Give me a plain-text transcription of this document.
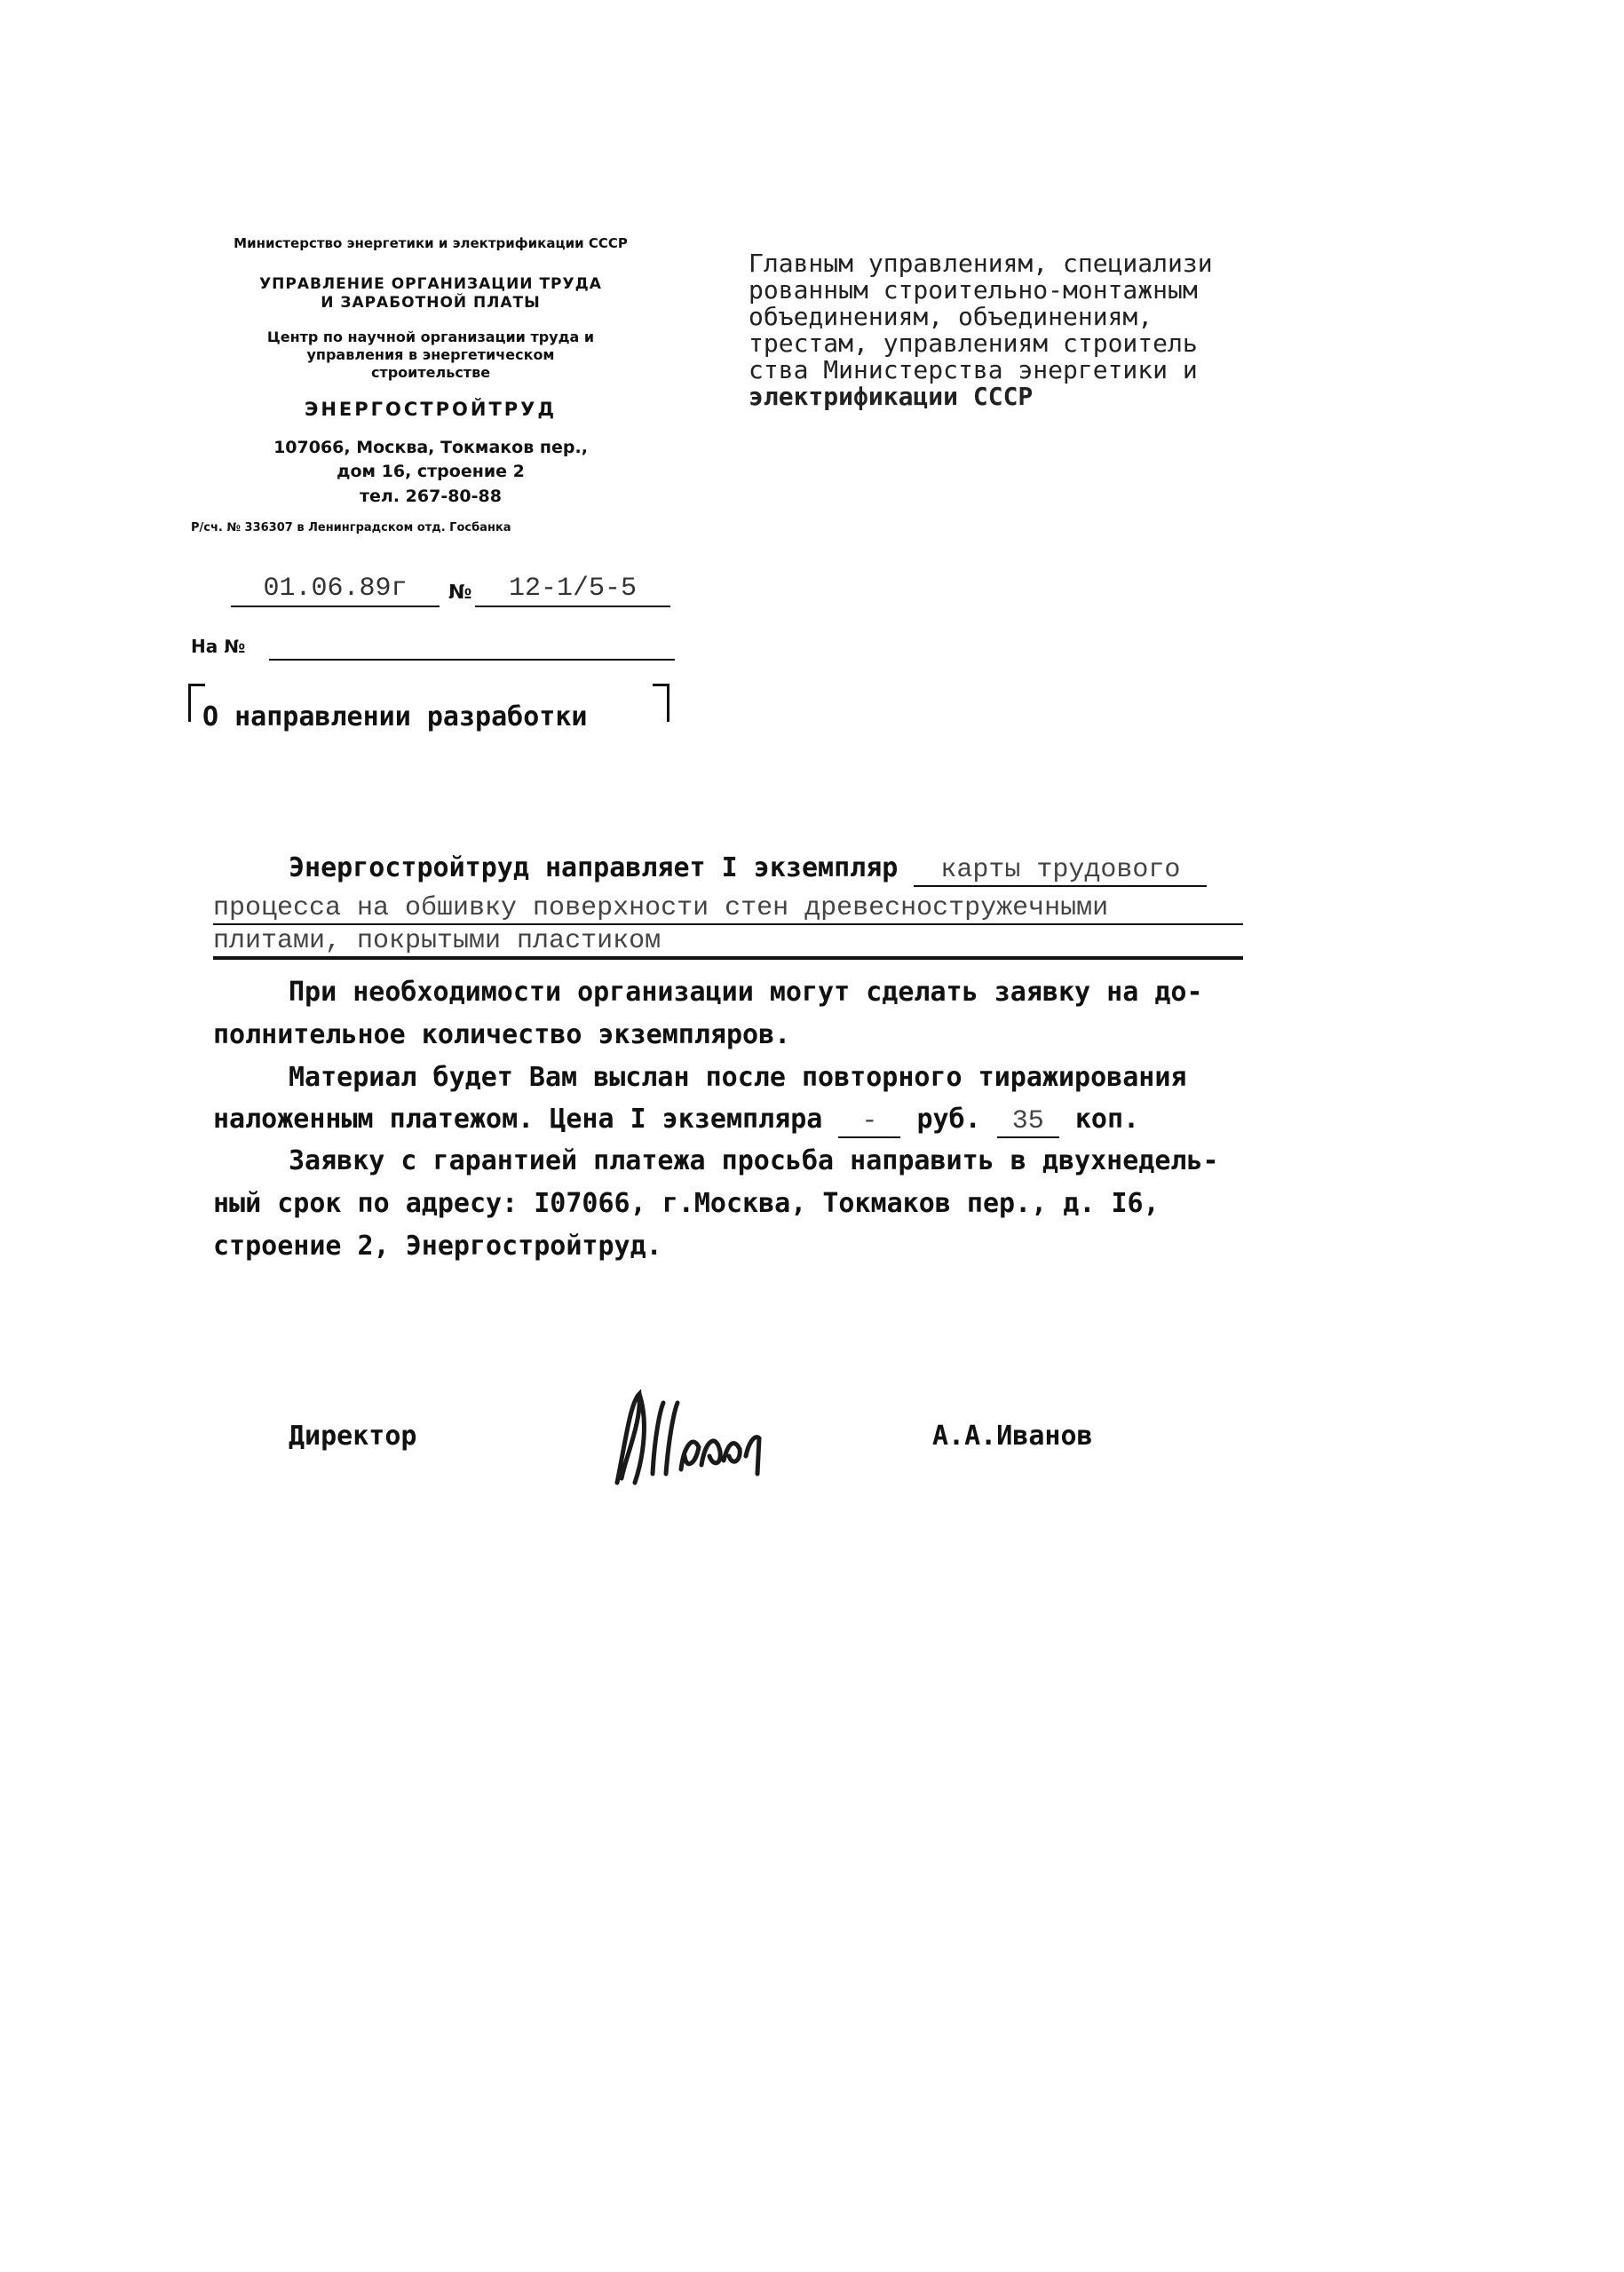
Министерство энергетики и электрификации СССР

УПРАВЛЕНИЕ ОРГАНИЗАЦИИ ТРУДА

И ЗАРАБОТНОЙ ПЛАТЫ

Центр по научной организации труда и

управления в энергетическом

строительстве

ЭНЕРГОСТРОЙТРУД

107066, Москва, Токмаков пер.,

дом 16, строение 2

тел. 267-80-88

Р/сч. № 336307 в Ленинградском отд. Госбанка

01.06.89г	№	12-1/5-5
На №
О направлении разработки
Главным управлениям, специализи
рованным строительно-монтажным
объединениям, объединениям,
трестам, управлениям строитель
ства Министерства энергетики и
электрификации СССР
Энергостройтруд направляет I экземпляр карты трудового
процесса на обшивку поверхности стен древесностружечными
плитами, покрытыми пластиком
При необходимости организации могут сделать заявку на до-
полнительное количество экземпляров.
Материал будет Вам выслан после повторного тиражирования
наложенным платежом. Цена I экземпляра - руб. 35 коп.
Заявку с гарантией платежа просьба направить в двухнедель-
ный срок по адресу: I07066, г.Москва, Токмаков пер., д. I6,
строение 2, Энергостройтруд.
Директор	А.А.Иванов
